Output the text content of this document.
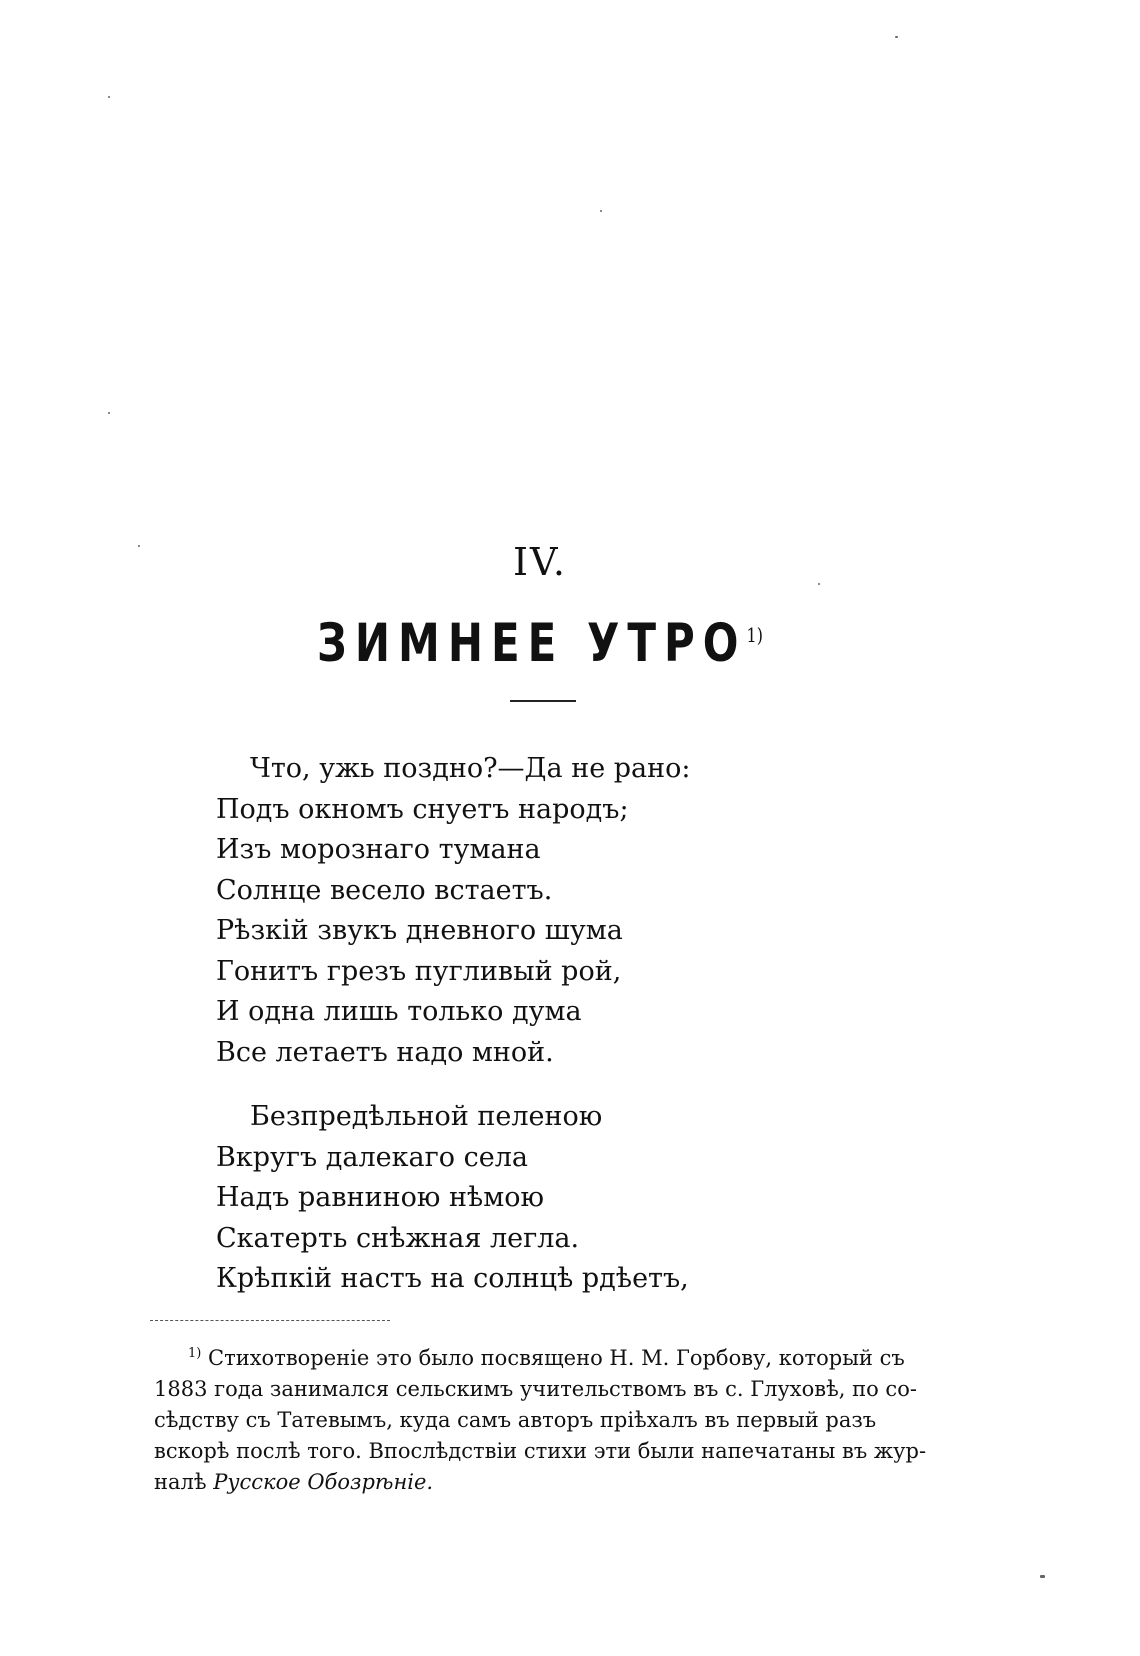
IV.
ЗИМНЕЕ УТРО$^{1)}$
Что, ужь поздно?—Да не рано:
Подъ окномъ снуетъ народъ;
Изъ морознаго тумана
Солнце весело встаетъ.
Рѣзкій звукъ дневного шума
Гонитъ грезъ пугливый рой,
И одна лишь только дума
Все летаетъ надо мной.
Безпредѣльной пеленою
Вкругъ далекаго села
Надъ равниною нѣмою
Скатерть снѣжная легла.
Крѣпкій настъ на солнцѣ рдѣетъ,
$^{1)}$ Стихотвореніе это было посвящено Н. М. Горбову, который съ
1883 года занимался сельскимъ учительствомъ въ с. Глуховѣ, по со-
сѣдству съ Татевымъ, куда самъ авторъ пріѣхалъ въ первый разъ
вскорѣ послѣ того. Впослѣдствіи стихи эти были напечатаны въ жур-
налѣ Русское Обозрѣніе.
